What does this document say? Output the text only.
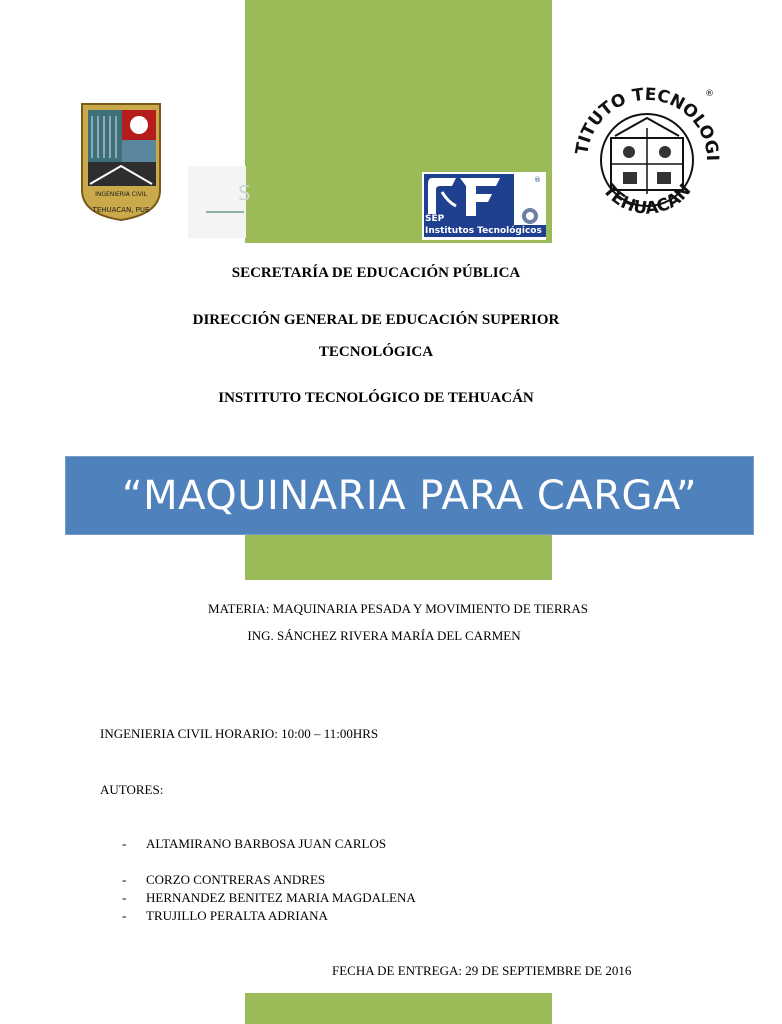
INGENIERIA CIVIL
TEHUACAN, PUE
S
SEP
®
Institutos Tecnológicos
TITUTO TECNOLOGI
TEHUACAN
®
SECRETARÍA DE EDUCACIÓN PÚBLICA
DIRECCIÓN GENERAL DE EDUCACIÓN SUPERIOR
TECNOLÓGICA
INSTITUTO TECNOLÓGICO DE TEHUACÁN
“MAQUINARIA PARA CARGA”
MATERIA: MAQUINARIA PESADA Y MOVIMIENTO DE TIERRAS
ING. SÁNCHEZ RIVERA MARÍA DEL CARMEN
INGENIERIA CIVIL HORARIO: 10:00 – 11:00HRS
AUTORES:
- ALTAMIRANO BARBOSA JUAN CARLOS
- CORZO CONTRERAS ANDRES
- HERNANDEZ BENITEZ MARIA MAGDALENA
- TRUJILLO PERALTA ADRIANA
FECHA DE ENTREGA: 29 DE SEPTIEMBRE DE 2016
